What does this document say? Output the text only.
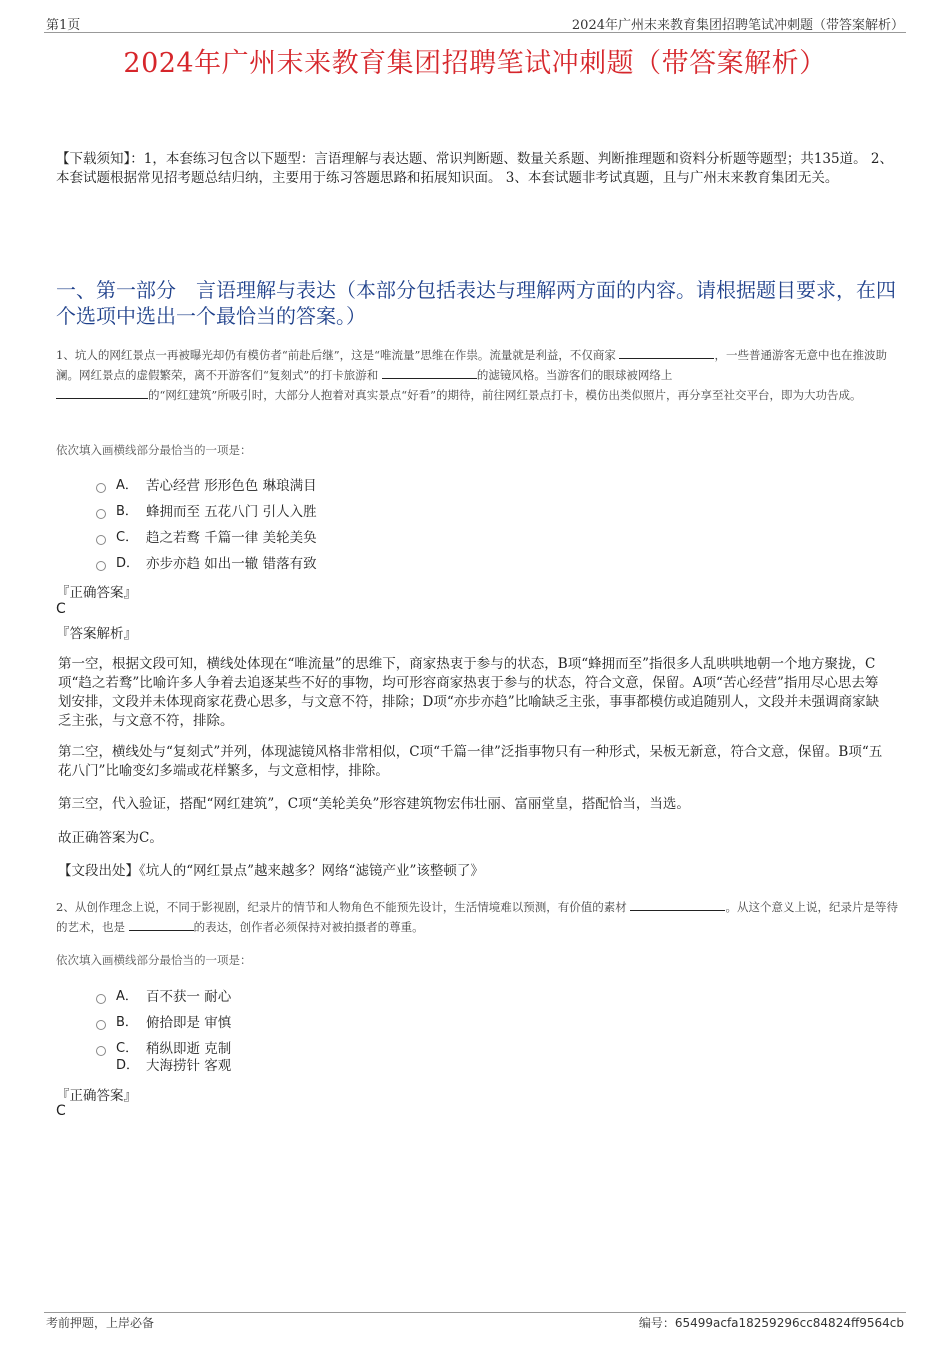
第1页	2024年广州末来教育集团招聘笔试冲刺题（带答案解析）
2024年广州末来教育集团招聘笔试冲刺题（带答案解析）
【下载须知】：1，本套练习包含以下题型：言语理解与表达题、常识判断题、数量关系题、判断推理题和资料分析题等题型；共135道。 2、本套试题根据常见招考题总结归纳，主要用于练习答题思路和拓展知识面。 3、本套试题非考试真题，且与广州末来教育集团无关。
一、第一部分　言语理解与表达（本部分包括表达与理解两方面的内容。请根据题目要求，在四个选项中选出一个最恰当的答案。）
1、坑人的网红景点一再被曝光却仍有模仿者“前赴后继”，这是“唯流量”思维在作祟。流量就是利益，不仅商家	，一些普通游客无意中也在推波助澜。网红景点的虚假繁荣，离不开游客们“复刻式”的打卡旅游和	的滤镜风格。当游客们的眼球被网络上
的“网红建筑”所吸引时，大部分人抱着对真实景点“好看”的期待，前往网红景点打卡，模仿出类似照片，再分享至社交平台，即为大功告成。
依次填入画横线部分最恰当的一项是：
A． 苦心经营 形形色色 琳琅满目
B． 蜂拥而至 五花八门 引人入胜
C． 趋之若鹜 千篇一律 美轮美奂
D． 亦步亦趋 如出一辙 错落有致
『正确答案』
C
『答案解析』
第一空，根据文段可知，横线处体现在“唯流量”的思维下，商家热衷于参与的状态，B项“蜂拥而至”指很多人乱哄哄地朝一个地方聚拢，C项“趋之若鹜”比喻许多人争着去追逐某些不好的事物，均可形容商家热衷于参与的状态，符合文意，保留。A项“苦心经营”指用尽心思去筹划安排，文段并未体现商家花费心思多，与文意不符，排除；D项“亦步亦趋”比喻缺乏主张，事事都模仿或追随别人，文段并未强调商家缺乏主张，与文意不符，排除。
第二空，横线处与“复刻式”并列，体现滤镜风格非常相似，C项“千篇一律”泛指事物只有一种形式，呆板无新意，符合文意，保留。B项“五花八门”比喻变幻多端或花样繁多，与文意相悖，排除。
第三空，代入验证，搭配“网红建筑”，C项“美轮美奂”形容建筑物宏伟壮丽、富丽堂皇，搭配恰当，当选。
故正确答案为C。
【文段出处】《坑人的“网红景点”越来越多？网络“滤镜产业”该整顿了》
2、从创作理念上说，不同于影视剧，纪录片的情节和人物角色不能预先设计，生活情境难以预测，有价值的素材	。从这个意义上说，纪录片是等待的艺术，也是	的表达，创作者必须保持对被拍摄者的尊重。
依次填入画横线部分最恰当的一项是：
A． 百不获一 耐心
B． 俯拾即是 审慎
C． 稍纵即逝 克制
D． 大海捞针 客观
『正确答案』
C
考前押题，上岸必备	编号：65499acfa18259296cc84824ff9564cb
